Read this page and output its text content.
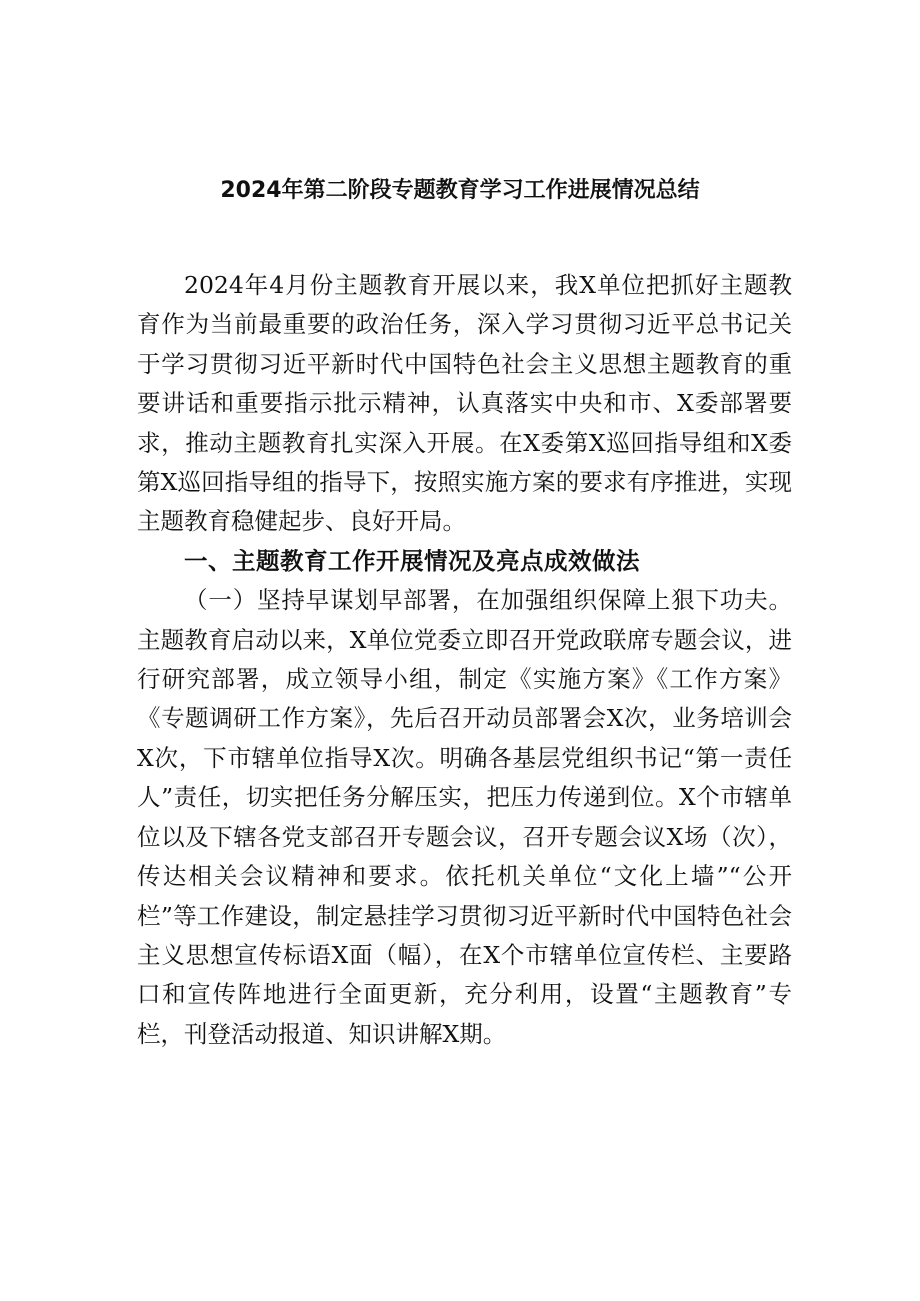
2024年第二阶段专题教育学习工作进展情况总结

2024年4月份主题教育开展以来，我X单位把抓好主题教育作为当前最重要的政治任务，深入学习贯彻习近平总书记关于学习贯彻习近平新时代中国特色社会主义思想主题教育的重要讲话和重要指示批示精神，认真落实中央和市、X委部署要求，推动主题教育扎实深入开展。在X委第X巡回指导组和X委第X巡回指导组的指导下，按照实施方案的要求有序推进，实现主题教育稳健起步、良好开局。

一、主题教育工作开展情况及亮点成效做法

（一）坚持早谋划早部署，在加强组织保障上狠下功夫。主题教育启动以来，X单位党委立即召开党政联席专题会议，进行研究部署，成立领导小组，制定《实施方案》《工作方案》《专题调研工作方案》，先后召开动员部署会X次，业务培训会X次，下市辖单位指导X次。明确各基层党组织书记“第一责任人”责任，切实把任务分解压实，把压力传递到位。X个市辖单位以及下辖各党支部召开专题会议，召开专题会议X场（次），传达相关会议精神和要求。依托机关单位“文化上墙”“公开栏”等工作建设，制定悬挂学习贯彻习近平新时代中国特色社会主义思想宣传标语X面（幅），在X个市辖单位宣传栏、主要路口和宣传阵地进行全面更新，充分利用，设置“主题教育”专栏，刊登活动报道、知识讲解X期。
